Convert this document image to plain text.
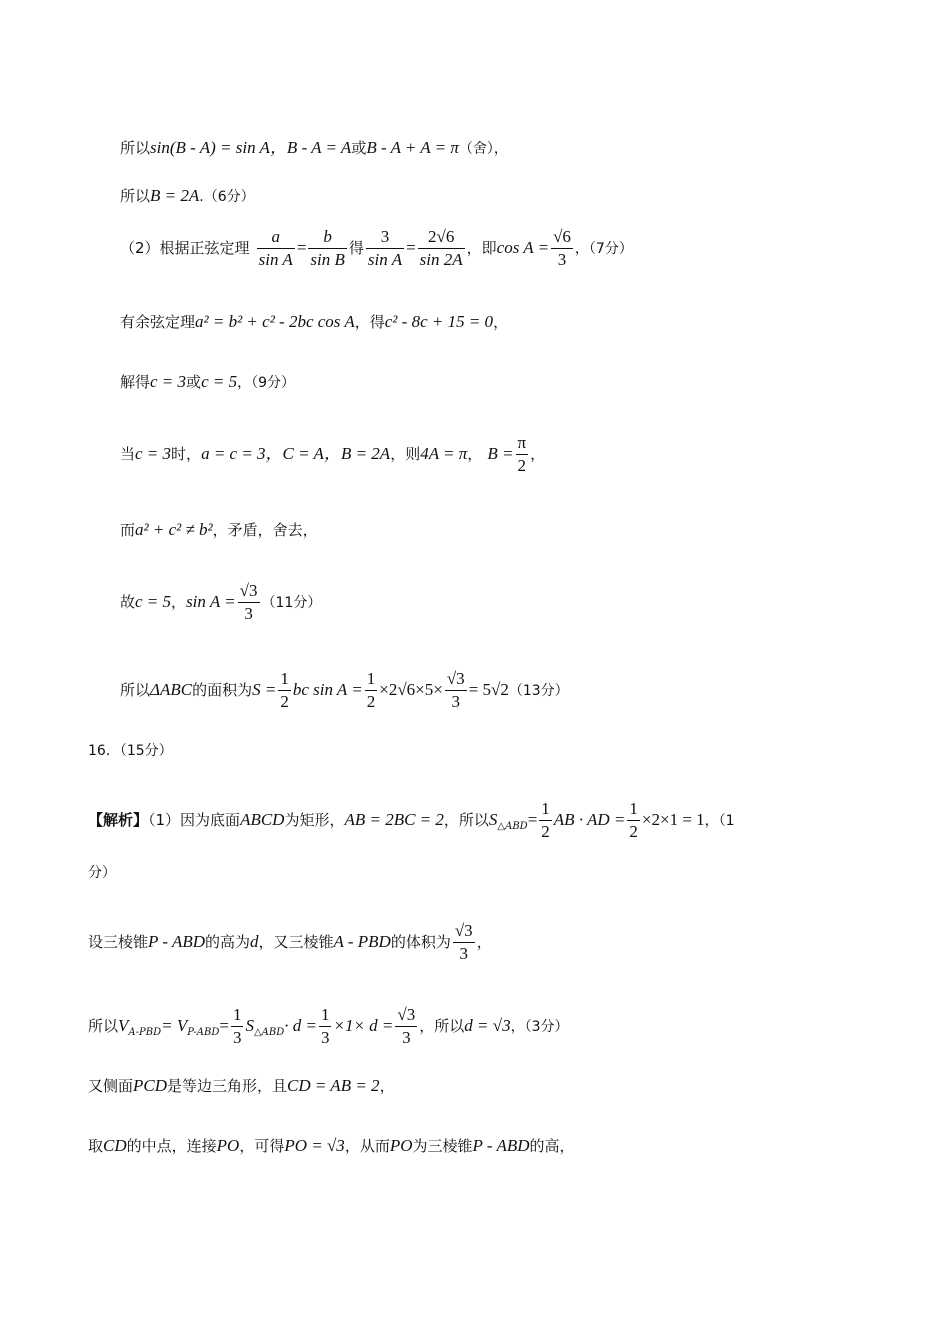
所以sin(B - A) = sin A，B - A = A或B - A + A = π（舍），
所以B = 2A.（6分）
（2）根据正弦定理 $\frac{a}{\text{sin A}} = \frac{b}{\text{sin B}}$ 得 $\frac{3}{\text{sin A}} = \frac{2√6}{\sin 2A}$ ，即$\cos A = \frac{√6}{3}$ ，（7分）
有余弦定理a² = b² + c² - 2bc cos A，得c² - 8c + 15 = 0，
解得c = 3或c = 5，（9分）
当c = 3时，a = c = 3，C = A，B = 2A，则4A = π， $B = \frac{\pi}{2}$ ，
而a² + c² ≠ b²，矛盾，舍去，
故c = 5，$\sin A = \frac{√3}{3} (11$分）
所以ΔABC的面积为$S = \frac{1}{2}$ bc $\sin A = \frac{1}{2} \times 2√6\times 5\times \frac{√3}{3} = 5√2(13$分）
16．（15分）
【解析】（1）因为底面ABCD为矩形，AB = 2BC = 2，所以$S_{\triangle ABD}= \frac{1}{2}$ AB · AD = $\frac{1}{2} \times 2\times 1 = 1$，（1
分）
设三棱锥P - ABD的高为d，又三棱锥A - PBD的体积为 $\frac{√3}{3}$ ，
所以$V_{A-PBD}= V_{P-ABD}= \frac{1}{3} S_{\triangle ABD}\cdot d = \frac{1}{3} \times 1\times d = \frac{√3}{3}$ ，所以d = √3，（3分）
又侧面PCD是等边三角形，且CD = AB = 2，
取CD的中点，连接PO，可得PO = √3，从而PO为三棱锥P - ABD的高，
